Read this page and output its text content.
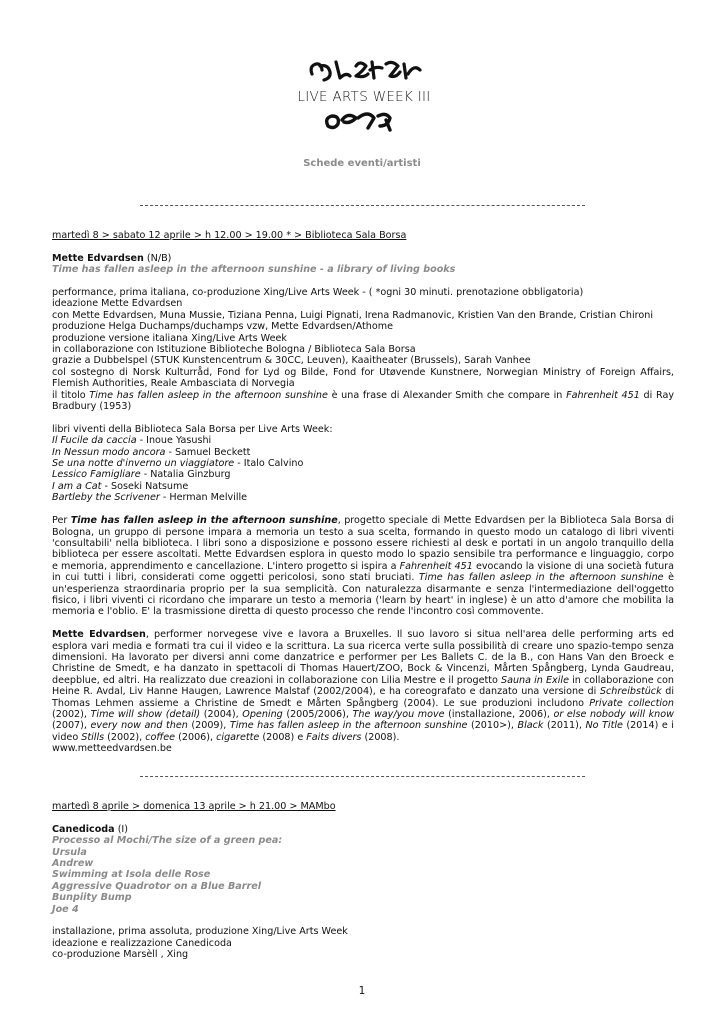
LIVE ARTS WEEK III
Schede eventi/artisti

martedì 8 > sabato 12 aprile > h 12.00 > 19.00 * > Biblioteca Sala Borsa

Mette Edvardsen (N/B)

Time has fallen asleep in the afternoon sunshine - a library of living books

performance, prima italiana, co-produzione Xing/Live Arts Week - ( *ogni 30 minuti. prenotazione obbligatoria)

ideazione Mette Edvardsen

con Mette Edvardsen, Muna Mussie, Tiziana Penna, Luigi Pignati, Irena Radmanovic, Kristien Van den Brande, Cristian Chironi

produzione Helga Duchamps/duchamps vzw, Mette Edvardsen/Athome

produzione versione italiana Xing/Live Arts Week

in collaborazione con Istituzione Biblioteche Bologna / Biblioteca Sala Borsa

grazie a Dubbelspel (STUK Kunstencentrum & 30CC, Leuven), Kaaitheater (Brussels), Sarah Vanhee

col sostegno di Norsk Kulturråd, Fond for Lyd og Bilde, Fond for Utøvende Kunstnere, Norwegian Ministry of Foreign Affairs, Flemish Authorities, Reale Ambasciata di Norvegia

il titolo Time has fallen asleep in the afternoon sunshine è una frase di Alexander Smith che compare in Fahrenheit 451 di Ray Bradbury (1953)

libri viventi della Biblioteca Sala Borsa per Live Arts Week:

Il Fucile da caccia - Inoue Yasushi

In Nessun modo ancora - Samuel Beckett

Se una notte d'inverno un viaggiatore - Italo Calvino

Lessico Famigliare - Natalia Ginzburg

I am a Cat - Soseki Natsume

Bartleby the Scrivener - Herman Melville

Per Time has fallen asleep in the afternoon sunshine, progetto speciale di Mette Edvardsen per la Biblioteca Sala Borsa di Bologna, un gruppo di persone impara a memoria un testo a sua scelta, formando in questo modo un catalogo di libri viventi 'consultabili' nella biblioteca. I libri sono a disposizione e possono essere richiesti al desk e portati in un angolo tranquillo della biblioteca per essere ascoltati. Mette Edvardsen esplora in questo modo lo spazio sensibile tra performance e linguaggio, corpo e memoria, apprendimento e cancellazione. L'intero progetto si ispira a Fahrenheit 451 evocando la visione di una società futura in cui tutti i libri, considerati come oggetti pericolosi, sono stati bruciati. Time has fallen asleep in the afternoon sunshine è un'esperienza straordinaria proprio per la sua semplicità. Con naturalezza disarmante e senza l'intermediazione dell'oggetto fisico, i libri viventi ci ricordano che imparare un testo a memoria ('learn by heart' in inglese) è un atto d'amore che mobilita la memoria e l'oblio. E' la trasmissione diretta di questo processo che rende l'incontro così commovente.

Mette Edvardsen, performer norvegese vive e lavora a Bruxelles. Il suo lavoro si situa nell'area delle performing arts ed esplora vari media e formati tra cui il video e la scrittura. La sua ricerca verte sulla possibilità di creare uno spazio-tempo senza dimensioni. Ha lavorato per diversi anni come danzatrice e performer per Les Ballets C. de la B., con Hans Van den Broeck e Christine de Smedt, e ha danzato in spettacoli di Thomas Hauert/ZOO, Bock & Vincenzi, Mårten Spångberg, Lynda Gaudreau, deepblue, ed altri. Ha realizzato due creazioni in collaborazione con Lilia Mestre e il progetto Sauna in Exile in collaborazione con Heine R. Avdal, Liv Hanne Haugen, Lawrence Malstaf (2002/2004), e ha coreografato e danzato una versione di Schreibstück di Thomas Lehmen assieme a Christine de Smedt e Mårten Spångberg (2004). Le sue produzioni includono Private collection (2002), Time will show (detail) (2004), Opening (2005/2006), The way/you move (installazione, 2006), or else nobody will know (2007), every now and then (2009), Time has fallen asleep in the afternoon sunshine (2010>), Black (2011), No Title (2014) e i video Stills (2002), coffee (2006), cigarette (2008) e Faits divers (2008).

www.metteedvardsen.be

martedì 8 aprile > domenica 13 aprile > h 21.00 > MAMbo

Canedicoda (I)

Processo al Mochi/The size of a green pea:

Ursula

Andrew

Swimming at Isola delle Rose

Aggressive Quadrotor on a Blue Barrel

Bunpiity Bump

Joe 4

installazione, prima assoluta, produzione Xing/Live Arts Week

ideazione e realizzazione Canedicoda

co-produzione Marsèll , Xing

1
